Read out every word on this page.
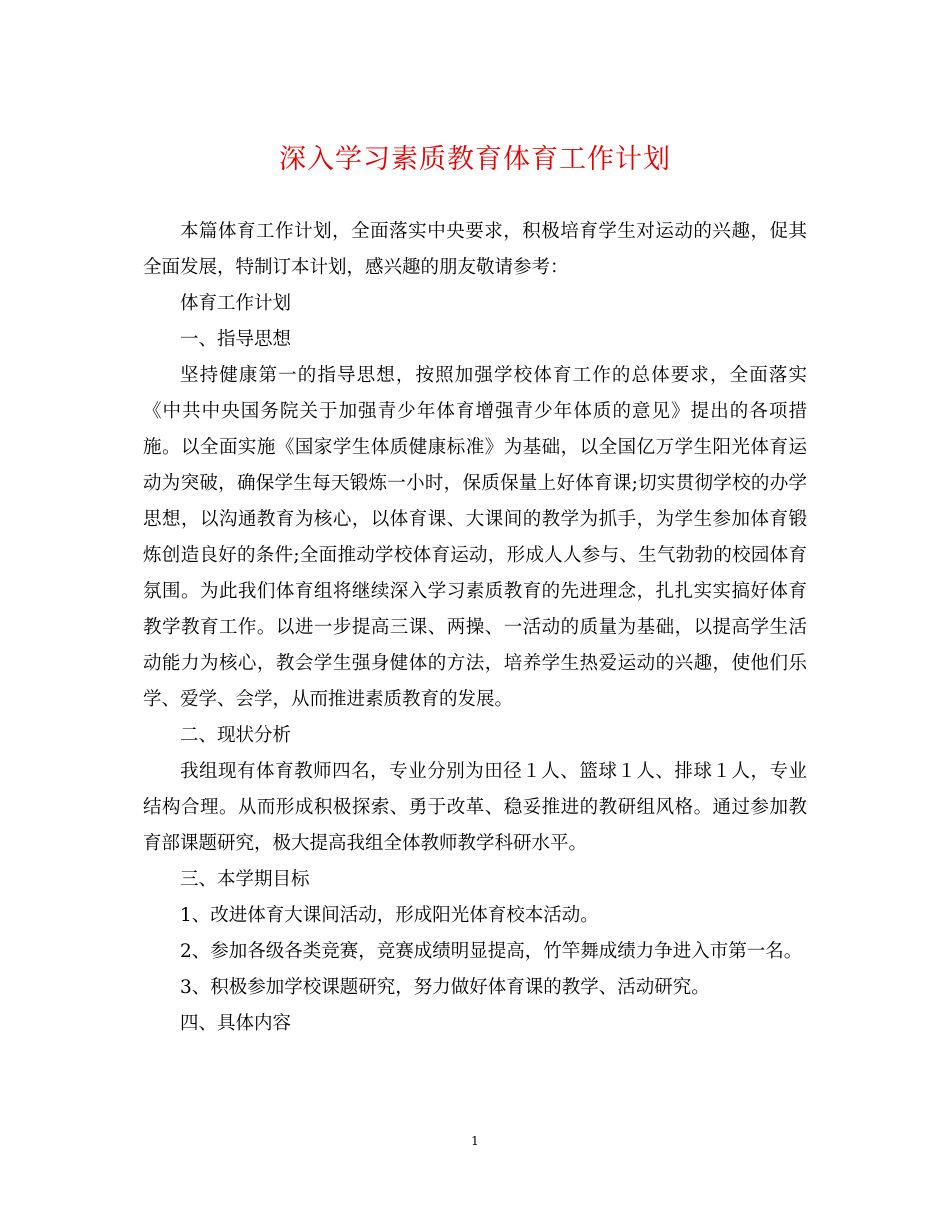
深入学习素质教育体育工作计划

本篇体育工作计划，全面落实中央要求，积极培育学生对运动的兴趣，促其全面发展，特制订本计划，感兴趣的朋友敬请参考：

体育工作计划

一、指导思想

坚持健康第一的指导思想，按照加强学校体育工作的总体要求，全面落实《中共中央国务院关于加强青少年体育增强青少年体质的意见》提出的各项措施。以全面实施《国家学生体质健康标准》为基础，以全国亿万学生阳光体育运动为突破，确保学生每天锻炼一小时，保质保量上好体育课;切实贯彻学校的办学思想，以沟通教育为核心，以体育课、大课间的教学为抓手，为学生参加体育锻炼创造良好的条件;全面推动学校体育运动，形成人人参与、生气勃勃的校园体育氛围。为此我们体育组将继续深入学习素质教育的先进理念，扎扎实实搞好体育教学教育工作。以进一步提高三课、两操、一活动的质量为基础，以提高学生活动能力为核心，教会学生强身健体的方法，培养学生热爱运动的兴趣，使他们乐学、爱学、会学，从而推进素质教育的发展。

二、现状分析

我组现有体育教师四名，专业分别为田径１人、篮球１人、排球１人，专业结构合理。从而形成积极探索、勇于改革、稳妥推进的教研组风格。通过参加教育部课题研究，极大提高我组全体教师教学科研水平。

三、本学期目标

1、改进体育大课间活动，形成阳光体育校本活动。

2、参加各级各类竞赛，竞赛成绩明显提高，竹竿舞成绩力争进入市第一名。

3、积极参加学校课题研究，努力做好体育课的教学、活动研究。

四、具体内容

1
